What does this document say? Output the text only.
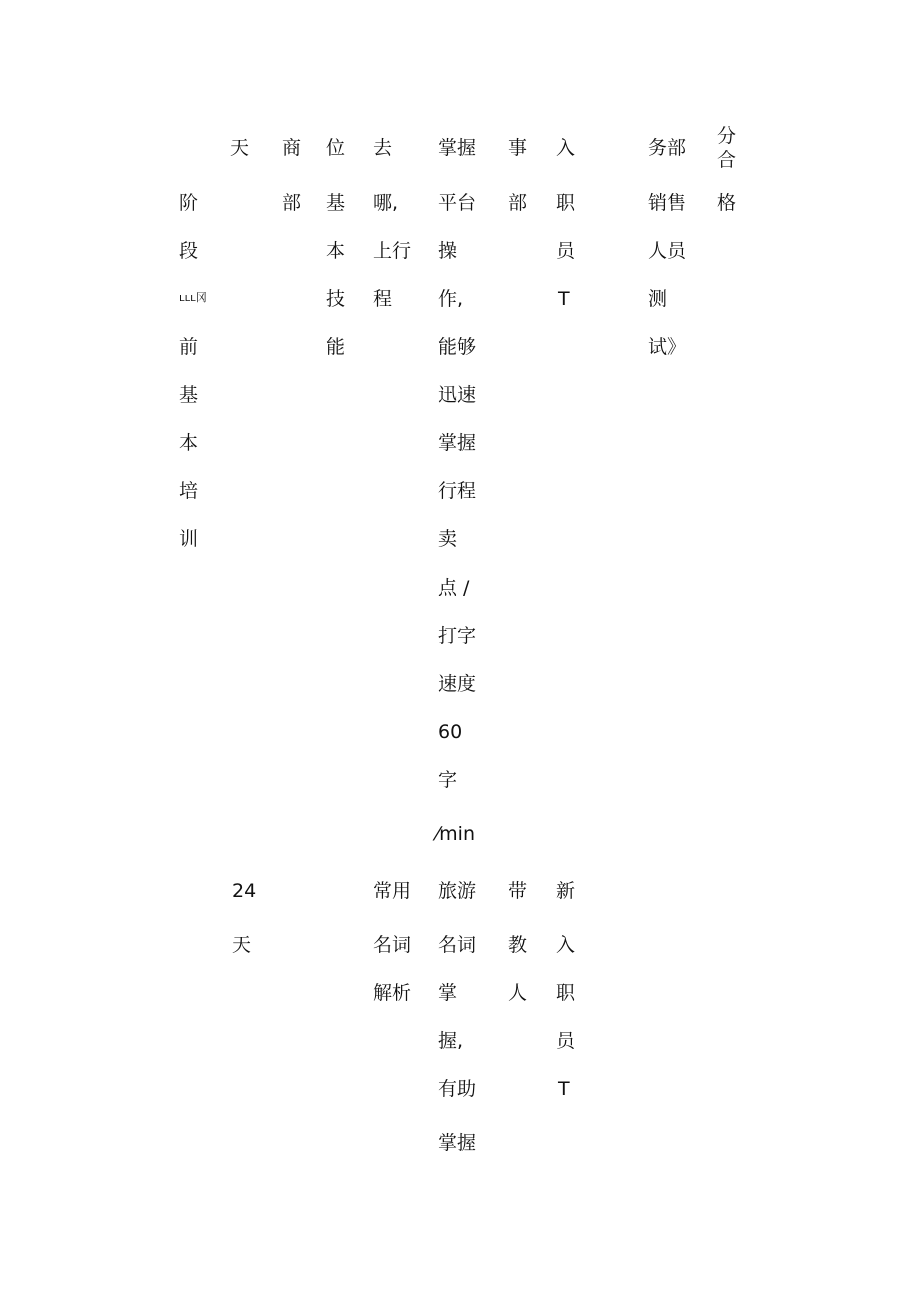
阶
段
ʟʟʟ冈
前
基
本
培
训
天 商
部
位
基
本
技
能
去
哪,
上行
程
掌握
平台
操
作,
能够
迅速
掌握
行程
卖
点 /
打字
速度
60
字
⁄min
事
部
入
职
员
T
务部
销售
人员
测
试》
分
合
格
24
天
常用
名词
解析
旅游
名词
掌
握,
有助
掌握
带
教
人
新
入
职
员
T
